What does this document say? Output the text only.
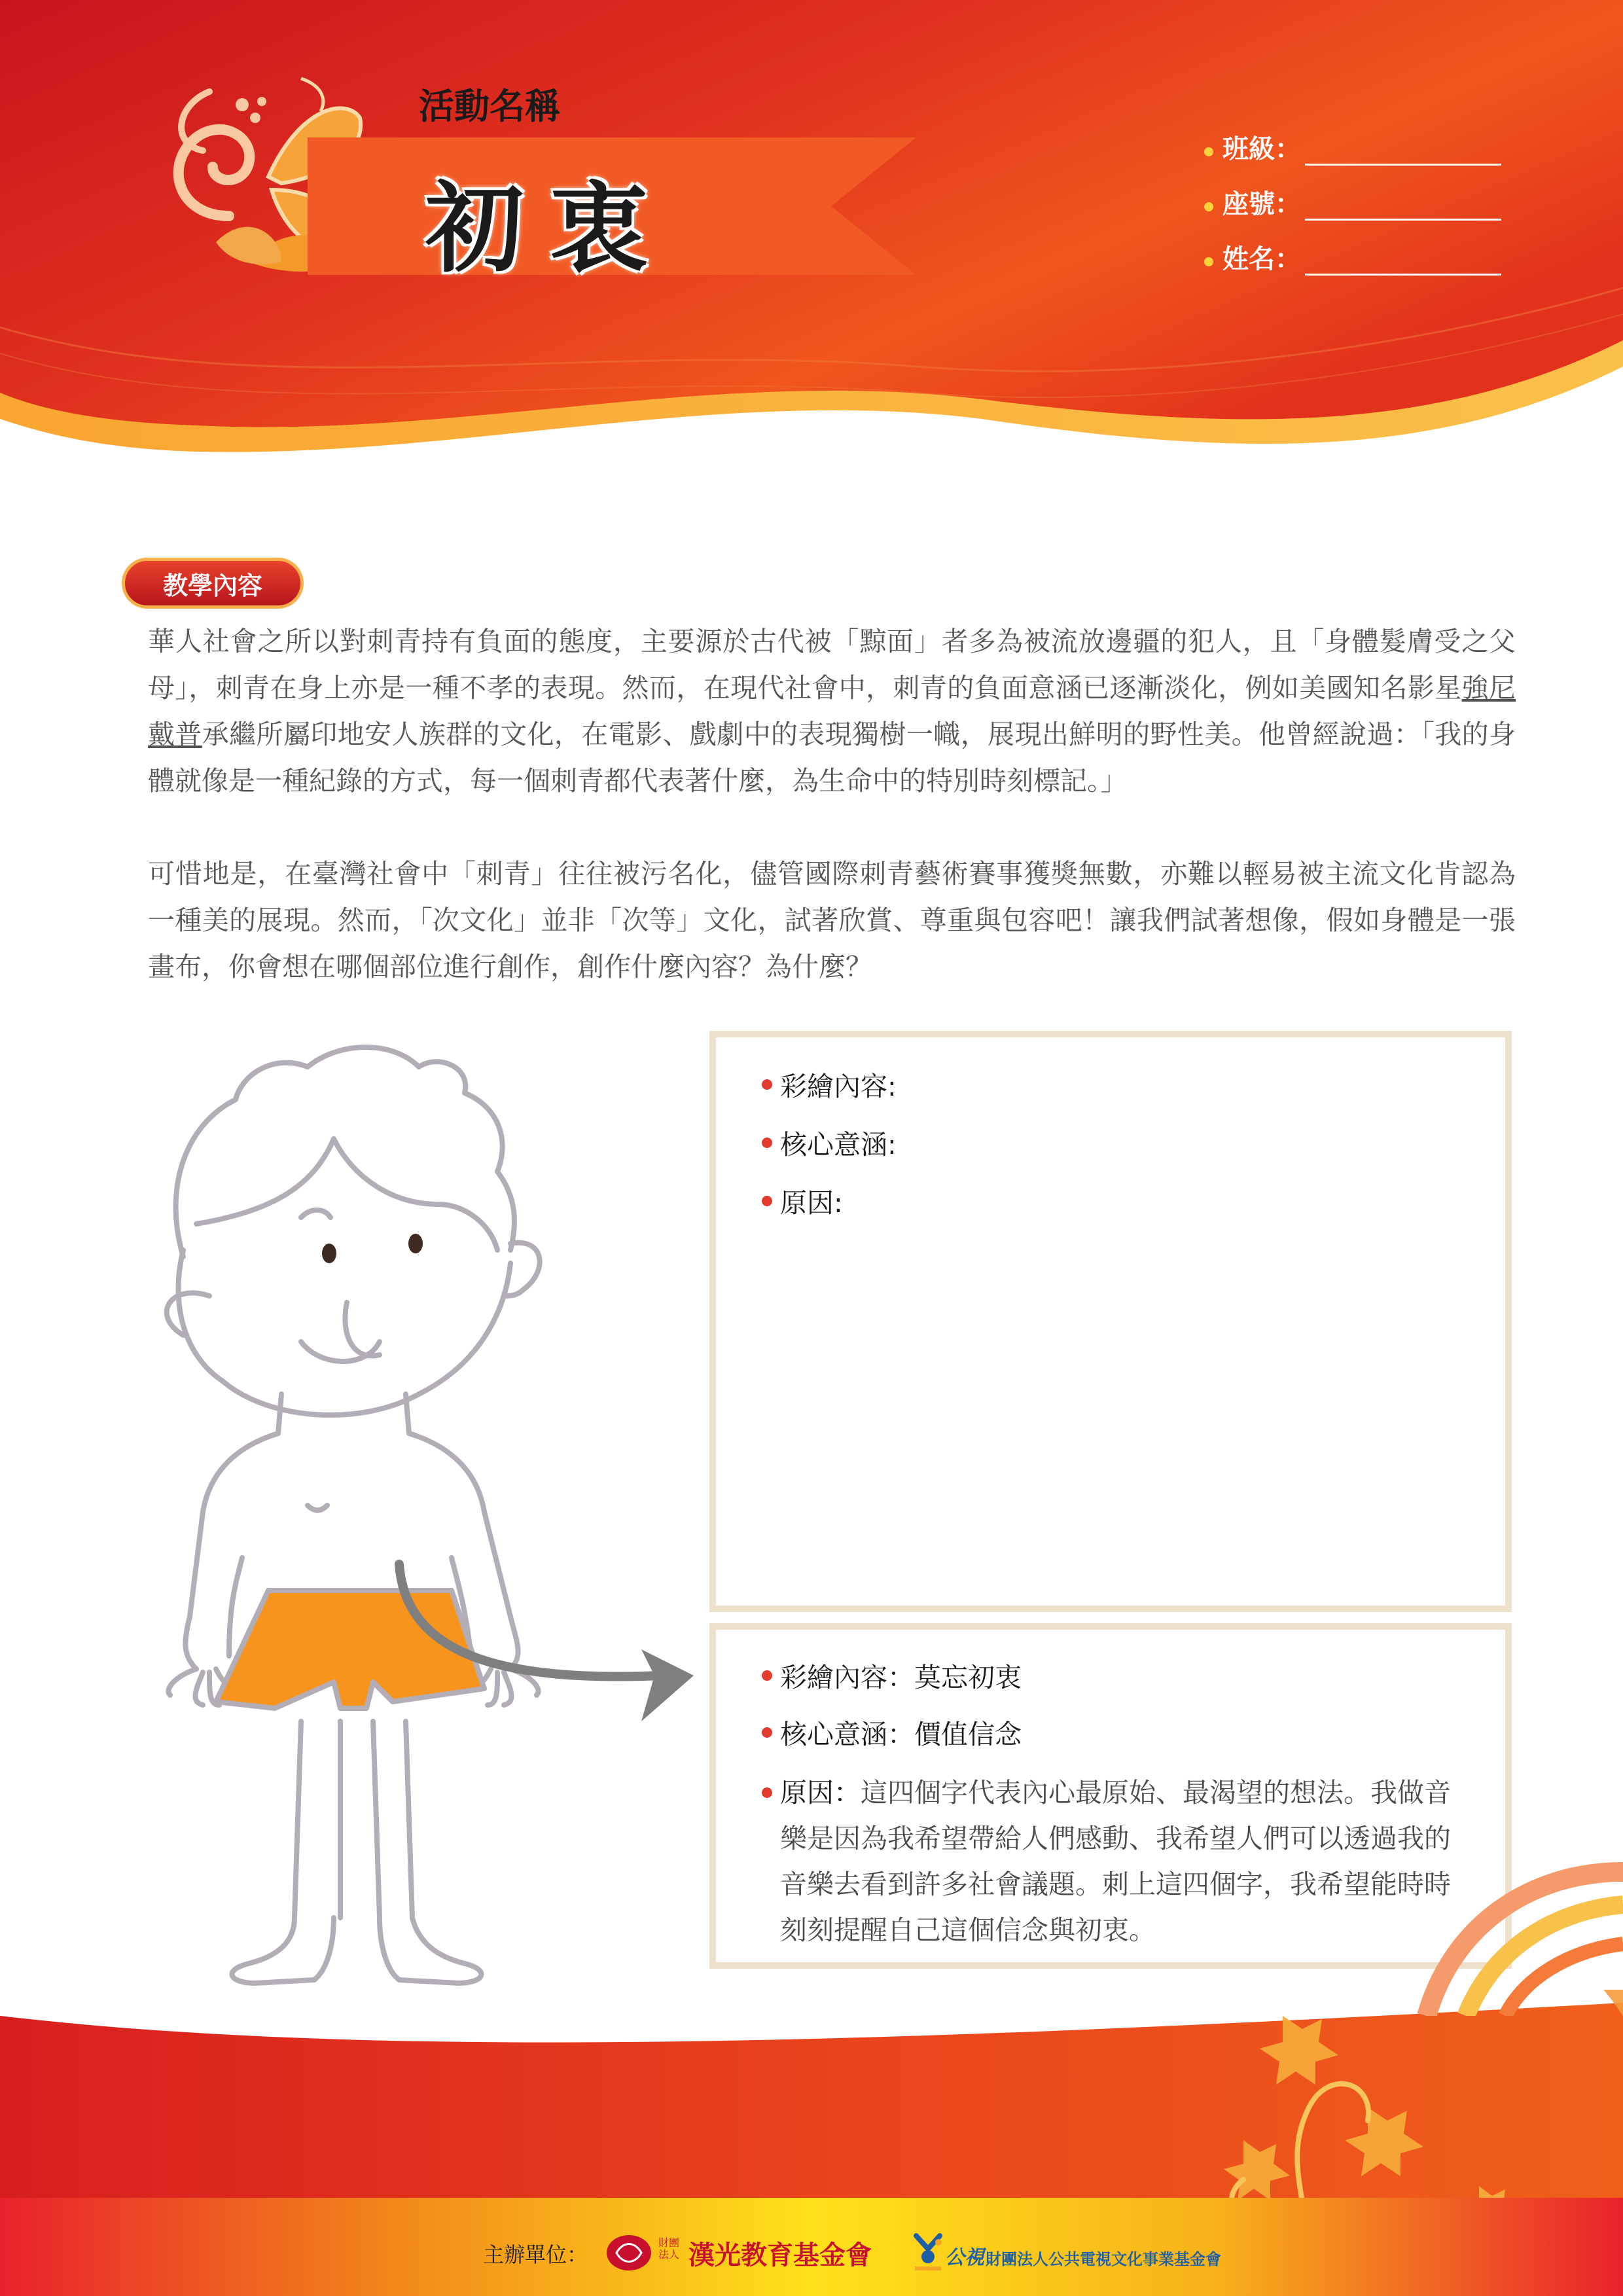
活動名稱
初衷
班級：
座號：
姓名：
教學內容
華人社會之所以對刺青持有負面的態度，主要源於古代被「黥面」者多為被流放邊疆的犯人，且「身體髮膚受之父母」，刺青在身上亦是一種不孝的表現。然而，在現代社會中，刺青的負面意涵已逐漸淡化，例如美國知名影星強尼戴普承繼所屬印地安人族群的文化，在電影、戲劇中的表現獨樹一幟，展現出鮮明的野性美。他曾經說過：「我的身體就像是一種紀錄的方式，每一個刺青都代表著什麼，為生命中的特別時刻標記。」
可惜地是，在臺灣社會中「刺青」往往被污名化，儘管國際刺青藝術賽事獲獎無數，亦難以輕易被主流文化肯認為一種美的展現。然而，「次文化」並非「次等」文化，試著欣賞、尊重與包容吧！讓我們試著想像，假如身體是一張畫布，你會想在哪個部位進行創作，創作什麼內容？為什麼？
彩繪內容:
核心意涵:
原因:
彩繪內容： 莫忘初衷
核心意涵： 價值信念
原因：這四個字代表內心最原始、最渴望的想法。我做音樂是因為我希望帶給人們感動、我希望人們可以透過我的音樂去看到許多社會議題。刺上這四個字，我希望能時時刻刻提醒自己這個信念與初衷。
主辦單位：	財團法人 漢光教育基金會	公視 財團法人公共電視文化事業基金會
